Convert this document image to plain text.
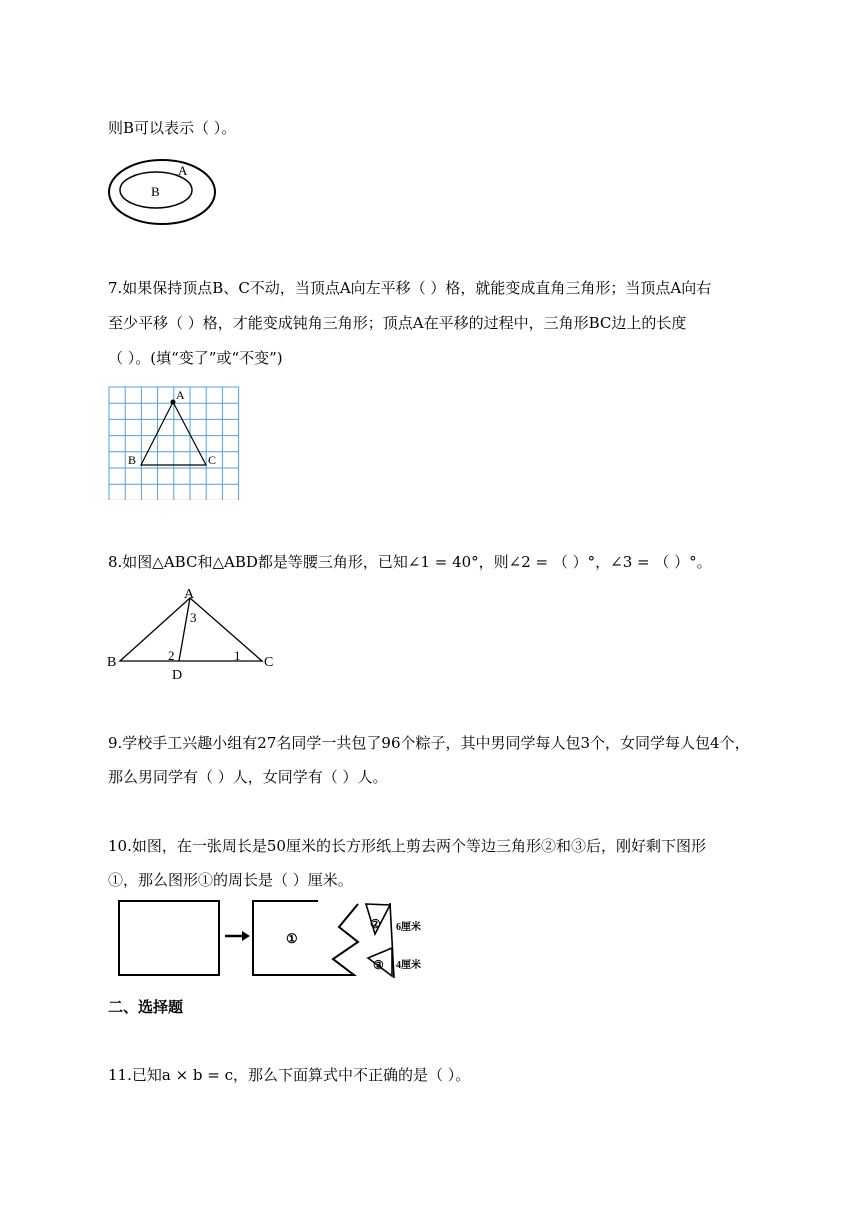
则B可以表示（ ）。
A
B
7.如果保持顶点B、C不动，当顶点A向左平移（ ）格，就能变成直角三角形；当顶点A向右
至少平移（ ）格，才能变成钝角三角形；顶点A在平移的过程中，三角形BC边上的长度
（ ）。(填“变了”或“不变”)
A
B	C
8.如图△ABC和△ABD都是等腰三角形，已知∠1 = 40°，则∠2 = （ ）°，∠3 = （ ）°。
A
B	C
D
1
2
3
9.学校手工兴趣小组有27名同学一共包了96个粽子，其中男同学每人包3个，女同学每人包4个，
那么男同学有（ ）人，女同学有（ ）人。
10.如图，在一张周长是50厘米的长方形纸上剪去两个等边三角形②和③后，刚好剩下图形
①，那么图形①的周长是（ ）厘米。
①
②
③
6厘米
4厘米
二、选择题
11.已知a × b = c，那么下面算式中不正确的是（ ）。
